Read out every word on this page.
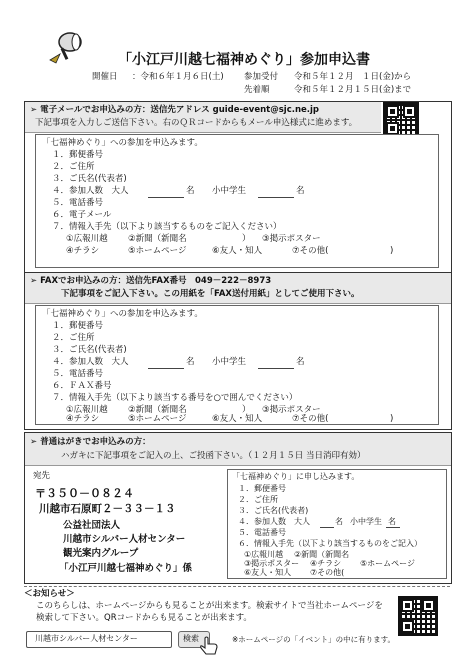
「小江戸川越七福神めぐり」参加申込書
開催日 ：令和６年１月６日(土) 参加受付 令和５年１２月　１日(金)から
先着順	令和５年１２月１５日(金)まで
➢ 電子メールでお申込みの方：送信先アドレス guide-event@sjc.ne.jp
下記事項を入力しご送信下さい。右のＱＲコードからもメール申込様式に進めます。
「七福神めぐり」への参加を申込みます。
１．郵便番号
２．ご住所
３．ご氏名(代表者)
４．参加人数　大人	名 小中学生	名
５．電話番号
６．電子メール
７．情報入手先（以下より該当するものをご記入ください）
①広報川越 ②新聞（新聞名	） ③掲示ポスター
④チラシ	⑤ホームページ	⑥友人・知人	⑦その他(	)
➢ FAXでお申込みの方：送信先FAX番号　049－222－8973
下記事項をご記入下さい。この用紙を「FAX送付用紙」としてご使用下さい。
「七福神めぐり」への参加を申込みます。
１．郵便番号
２．ご住所
３．ご氏名(代表者)
４．参加人数　大人	名 小中学生	名
５．電話番号
６．ＦＡＸ番号
７．情報入手先（以下より該当する番号を○で囲んでください）
①広報川越 ②新聞（新聞名	） ③掲示ポスター
④チラシ	⑤ホームページ	⑥友人・知人	⑦その他(	)
➢ 普通はがきでお申込みの方：
ハガキに下記事項をご記入の上、ご投函下さい。（１２月１５日 当日消印有効）
宛先
〒３５０－０８２４
川越市石原町２－３３－１３
公益社団法人
川越市シルバー人材センター
観光案内グループ
「小江戸川越七福神めぐり」係
「七福神めぐり」に申し込みます。
１．郵便番号
２．ご住所
３．ご氏名(代表者)
４．参加人数　大人	名 小中学生 名
５．電話番号
６．情報入手先（以下より該当するものをご記入）
①広報川越 ②新聞（新聞名
③掲示ポスター ④チラシ ⑤ホームページ
⑥友人・知人 ⑦その他(
＜お知らせ＞
このちらしは、ホームページからも見ることが出来ます。検索サイトで当社ホームページを
検索して下さい。QRコードからも見ることが出来ます。
川越市シルバー人材センター	検索	※ホームページの「イベント」の中に有ります。
